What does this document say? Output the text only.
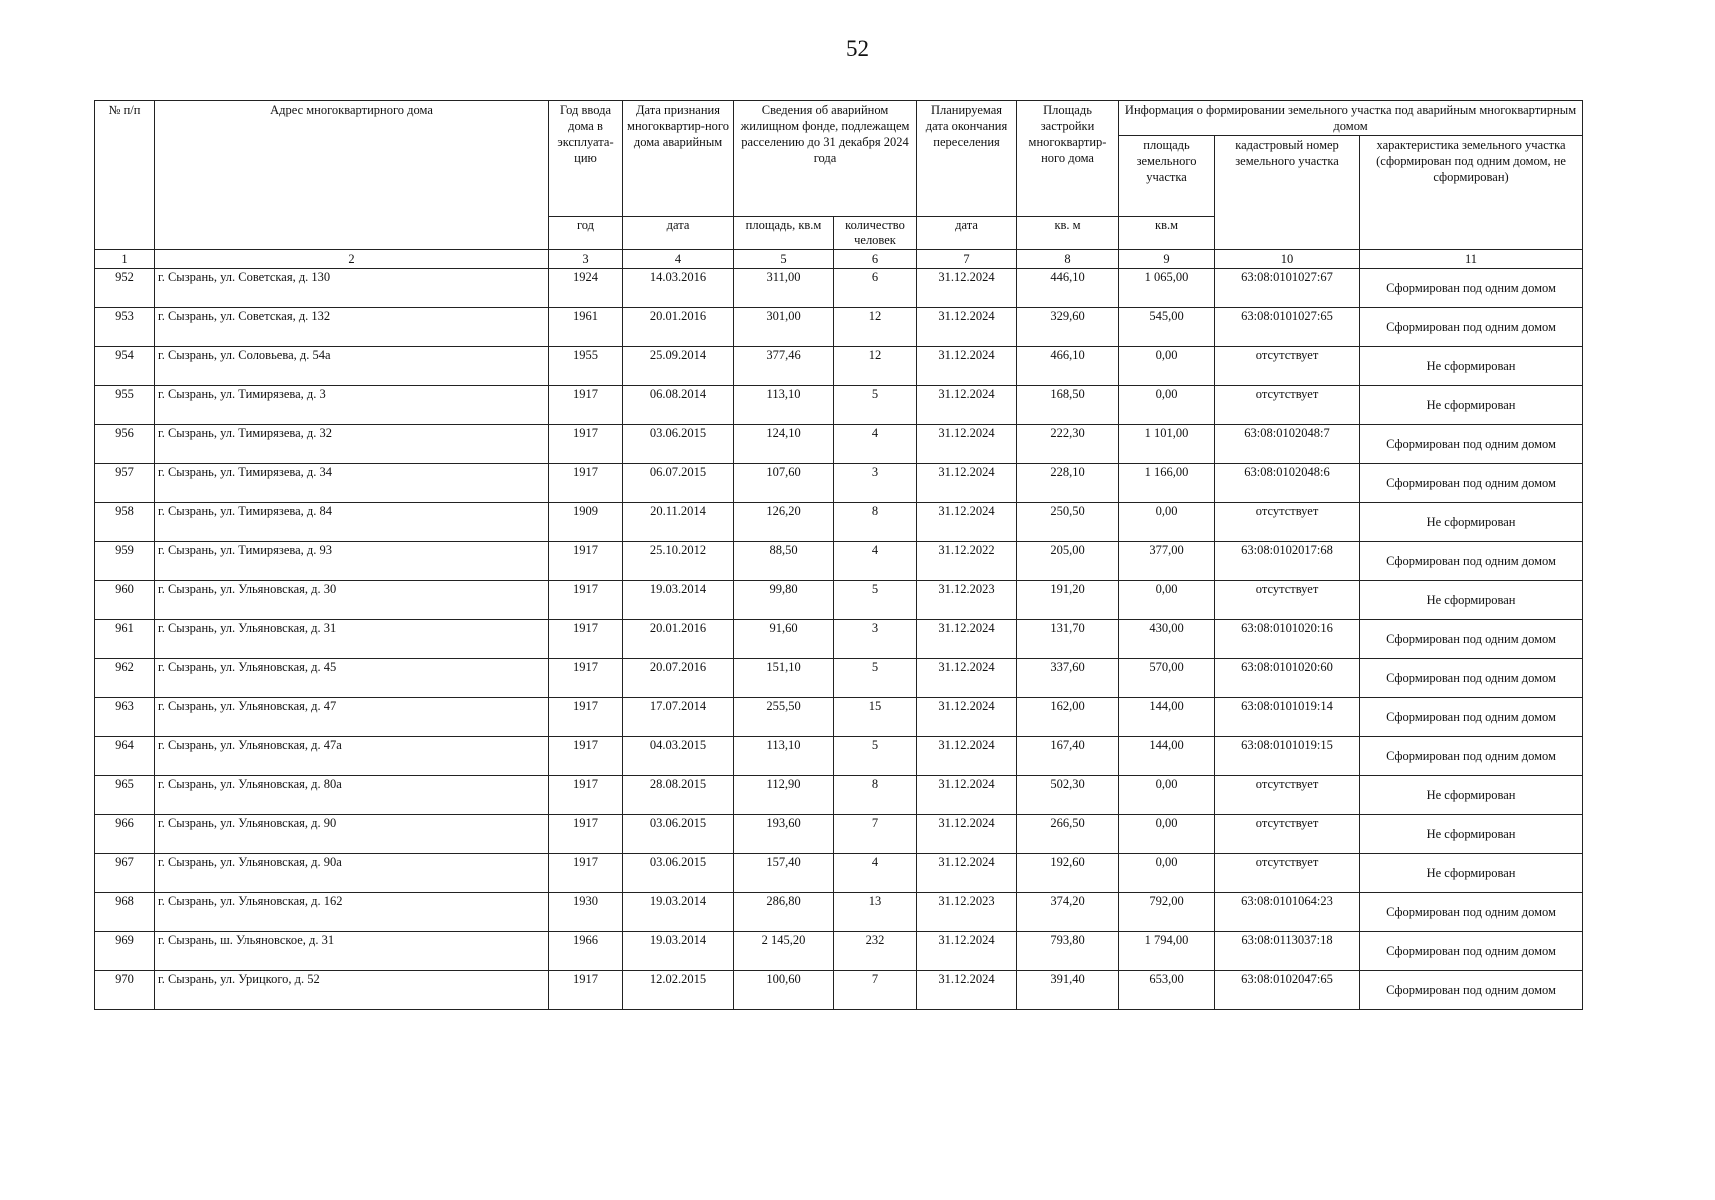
52
№ п/п	Адрес многоквартирного дома	Год ввода дома в эксплуата-цию	Дата признания многоквартир-ного дома аварийным	Сведения об аварийном жилищном фонде, подлежащем расселению до 31 декабря 2024 года		Планируемая дата окончания переселения	Площадь застройки многоквартир-ного дома	Информация о формировании земельного участка под аварийным многоквартирным домом		
								площадь земельного участка	кадастровый номер земельного участка	характеристика земельного участка (сформирован под одним домом, не сформирован)
		год	дата	площадь, кв.м	количество человек	дата	кв. м	кв.м		
1	2	3	4	5	6	7	8	9	10	11
952	г. Сызрань, ул. Советская, д. 130	1924	14.03.2016	311,00	6	31.12.2024	446,10	1 065,00	63:08:0101027:67	Сформирован под одним домом
953	г. Сызрань, ул. Советская, д. 132	1961	20.01.2016	301,00	12	31.12.2024	329,60	545,00	63:08:0101027:65	Сформирован под одним домом
954	г. Сызрань, ул. Соловьева, д. 54а	1955	25.09.2014	377,46	12	31.12.2024	466,10	0,00	отсутствует	Не сформирован
955	г. Сызрань, ул. Тимирязева, д. 3	1917	06.08.2014	113,10	5	31.12.2024	168,50	0,00	отсутствует	Не сформирован
956	г. Сызрань, ул. Тимирязева, д. 32	1917	03.06.2015	124,10	4	31.12.2024	222,30	1 101,00	63:08:0102048:7	Сформирован под одним домом
957	г. Сызрань, ул. Тимирязева, д. 34	1917	06.07.2015	107,60	3	31.12.2024	228,10	1 166,00	63:08:0102048:6	Сформирован под одним домом
958	г. Сызрань, ул. Тимирязева, д. 84	1909	20.11.2014	126,20	8	31.12.2024	250,50	0,00	отсутствует	Не сформирован
959	г. Сызрань, ул. Тимирязева, д. 93	1917	25.10.2012	88,50	4	31.12.2022	205,00	377,00	63:08:0102017:68	Сформирован под одним домом
960	г. Сызрань, ул. Ульяновская, д. 30	1917	19.03.2014	99,80	5	31.12.2023	191,20	0,00	отсутствует	Не сформирован
961	г. Сызрань, ул. Ульяновская, д. 31	1917	20.01.2016	91,60	3	31.12.2024	131,70	430,00	63:08:0101020:16	Сформирован под одним домом
962	г. Сызрань, ул. Ульяновская, д. 45	1917	20.07.2016	151,10	5	31.12.2024	337,60	570,00	63:08:0101020:60	Сформирован под одним домом
963	г. Сызрань, ул. Ульяновская, д. 47	1917	17.07.2014	255,50	15	31.12.2024	162,00	144,00	63:08:0101019:14	Сформирован под одним домом
964	г. Сызрань, ул. Ульяновская, д. 47а	1917	04.03.2015	113,10	5	31.12.2024	167,40	144,00	63:08:0101019:15	Сформирован под одним домом
965	г. Сызрань, ул. Ульяновская, д. 80а	1917	28.08.2015	112,90	8	31.12.2024	502,30	0,00	отсутствует	Не сформирован
966	г. Сызрань, ул. Ульяновская, д. 90	1917	03.06.2015	193,60	7	31.12.2024	266,50	0,00	отсутствует	Не сформирован
967	г. Сызрань, ул. Ульяновская, д. 90а	1917	03.06.2015	157,40	4	31.12.2024	192,60	0,00	отсутствует	Не сформирован
968	г. Сызрань, ул. Ульяновская, д. 162	1930	19.03.2014	286,80	13	31.12.2023	374,20	792,00	63:08:0101064:23	Сформирован под одним домом
969	г. Сызрань, ш. Ульяновское, д. 31	1966	19.03.2014	2 145,20	232	31.12.2024	793,80	1 794,00	63:08:0113037:18	Сформирован под одним домом
970	г. Сызрань, ул. Урицкого, д. 52	1917	12.02.2015	100,60	7	31.12.2024	391,40	653,00	63:08:0102047:65	Сформирован под одним домом
